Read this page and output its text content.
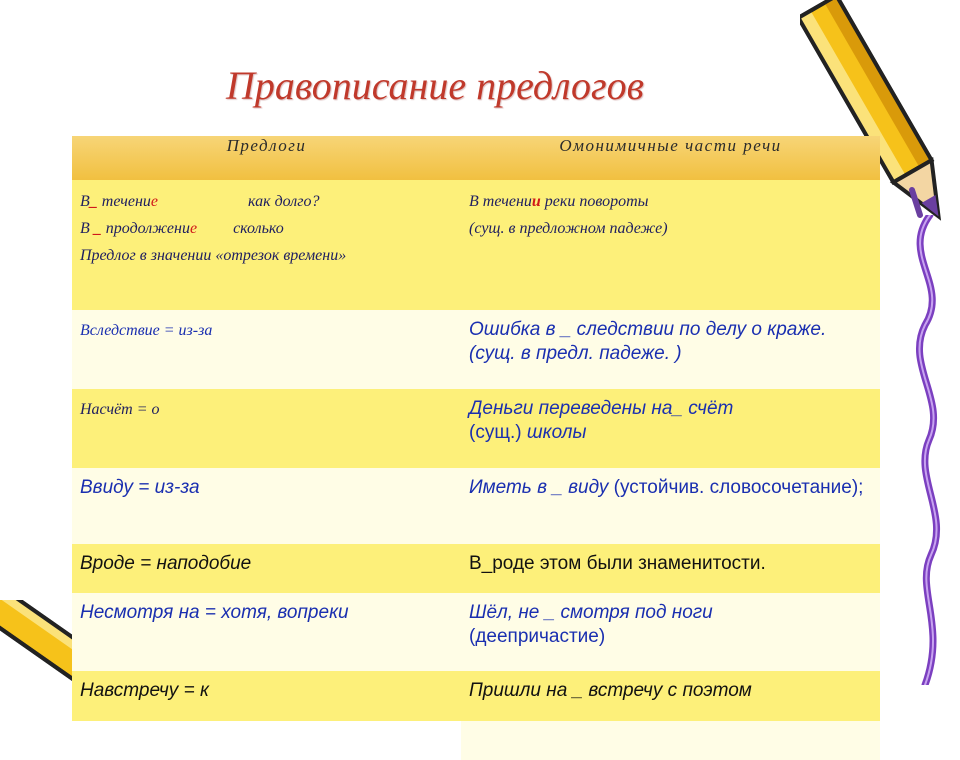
Правописание предлогов
Предлоги	Омонимичные части речи

В_ течение как долго?
В _ продолжение сколько
Предлог в значении «отрезок времени»	В течении реки повороты
(сущ. в предложном падеже)

Вследствие = из-за	Ошибка в _ следствии по делу о краже. (сущ. в предл. падеже. )
Насчёт = о	Деньги переведены на_ счёт
(сущ.) школы
Ввиду = из-за	Иметь в _ виду (устойчив. словосочетание);
Вроде = наподобие	В_роде этом были знаменитости.
Несмотря на = хотя, вопреки	Шёл, не _ смотря под ноги
(деепричастие)
Навстречу = к	Пришли на _ встречу с поэтом
